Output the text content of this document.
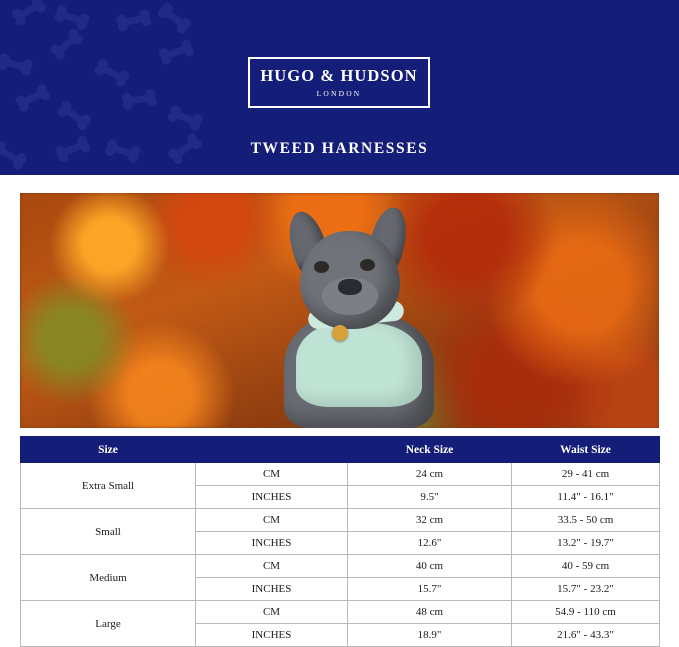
HUGO & HUDSON
LONDON
TWEED HARNESSES
Size		Neck Size	Waist Size
Extra Small	CM	24 cm	29 - 41 cm
	INCHES	9.5"	11.4" - 16.1"
Small	CM	32 cm	33.5 - 50 cm
	INCHES	12.6"	13.2" - 19.7"
Medium	CM	40 cm	40 - 59 cm
	INCHES	15.7"	15.7" - 23.2"
Large	CM	48 cm	54.9 - 110 cm
	INCHES	18.9"	21.6" - 43.3"
